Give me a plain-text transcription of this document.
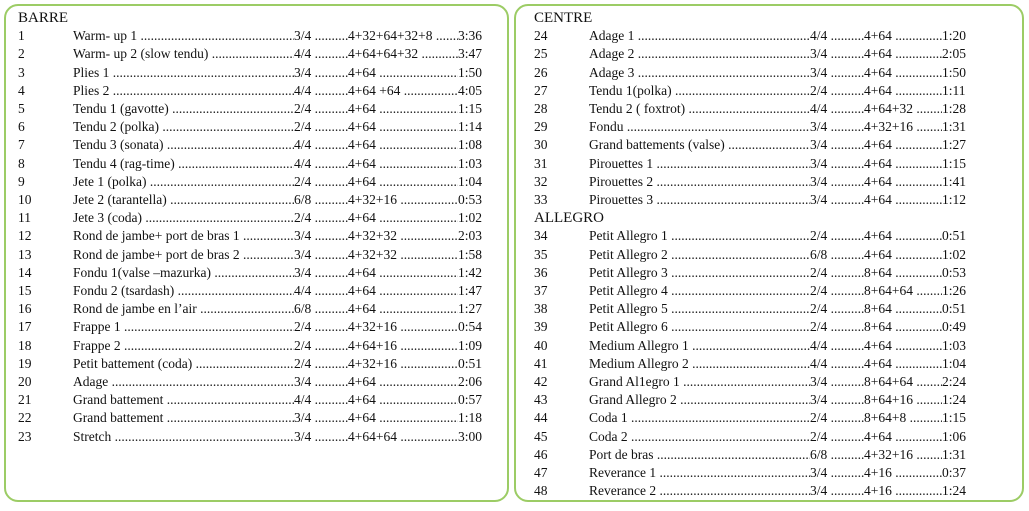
BARRE
1	Warm- up 1 .....	3/4 .....	4+32+64+32+8 .....	3:36
2	Warm- up 2 (slow tendu) .....	4/4 .....	4+64+64+32 .....	3:47
3	Plies 1 .....	3/4 .....	4+64 .....	1:50
4	Plies 2 .....	4/4 .....	4+64 +64 .....	4:05
5	Tendu 1 (gavotte) .....	2/4 .....	4+64 .....	1:15
6	Tendu 2 (polka) .....	2/4 .....	4+64 .....	1:14
7	Tendu 3 (sonata) .....	4/4 .....	4+64 .....	1:08
8	Tendu 4 (rag-time) .....	4/4 .....	4+64 .....	1:03
9	Jete 1 (polka) .....	2/4 .....	4+64 .....	1:04
10	Jete 2 (tarantella) .....	6/8 .....	4+32+16 .....	0:53
11	Jete 3 (coda) .....	2/4 .....	4+64 .....	1:02
12	Rond de jambe+ port de bras 1 .....	3/4 .....	4+32+32 .....	2:03
13	Rond de jambe+ port de bras 2 .....	3/4 .....	4+32+32 .....	1:58
14	Fondu 1(valse –mazurka) .....	3/4 .....	4+64 .....	1:42
15	Fondu 2 (tsardash) .....	4/4 .....	4+64 .....	1:47
16	Rond de jambe en l’air .....	6/8 .....	4+64 .....	1:27
17	Frappe 1 .....	2/4 .....	4+32+16 .....	0:54
18	Frappe 2 .....	2/4 .....	4+64+16 .....	1:09
19	Petit battement (coda) .....	2/4 .....	4+32+16 .....	0:51
20	Adage .....	3/4 .....	4+64 .....	2:06
21	Grand battement .....	4/4 .....	4+64 .....	0:57
22	Grand battement .....	3/4 .....	4+64 .....	1:18
23	Stretch .....	3/4 .....	4+64+64 .....	3:00
CENTRE
24	Adage 1 .....	4/4 .....	4+64 .....	1:20
25	Adage 2 .....	3/4 .....	4+64 .....	2:05
26	Adage 3 .....	3/4 .....	4+64 .....	1:50
27	Tendu 1(polka) .....	2/4 .....	4+64 .....	1:11
28	Tendu 2 ( foxtrot) .....	4/4 .....	4+64+32 .....	1:28
29	Fondu .....	3/4 .....	4+32+16 .....	1:31
30	Grand battements (valse) .....	3/4 .....	4+64 .....	1:27
31	Pirouettes 1 .....	3/4 .....	4+64 .....	1:15
32	Pirouettes 2 .....	3/4 .....	4+64 .....	1:41
33	Pirouettes 3 .....	3/4 .....	4+64 .....	1:12
ALLEGRO
34	Petit Allegro 1 .....	2/4 .....	4+64 .....	0:51
35	Petit Allegro 2 .....	6/8 .....	4+64 .....	1:02
36	Petit Allegro 3 .....	2/4 .....	8+64 .....	0:53
37	Petit Allegro 4 .....	2/4 .....	8+64+64 .....	1:26
38	Petit Allegro 5 .....	2/4 .....	8+64 .....	0:51
39	Petit Allegro 6 .....	2/4 .....	8+64 .....	0:49
40	Medium Allegro 1 .....	4/4 .....	4+64 .....	1:03
41	Medium Allegro 2 .....	4/4 .....	4+64 .....	1:04
42	Grand Al1egro 1 .....	3/4 .....	8+64+64 .....	2:24
43	Grand Allegro 2 .....	3/4 .....	8+64+16 .....	1:24
44	Coda 1 .....	2/4 .....	8+64+8 .....	1:15
45	Coda 2 .....	2/4 .....	4+64 .....	1:06
46	Port de bras .....	6/8 .....	4+32+16 .....	1:31
47	Reverance 1 .....	3/4 .....	4+16 .....	0:37
48	Reverance 2 .....	3/4 .....	4+16 .....	1:24
